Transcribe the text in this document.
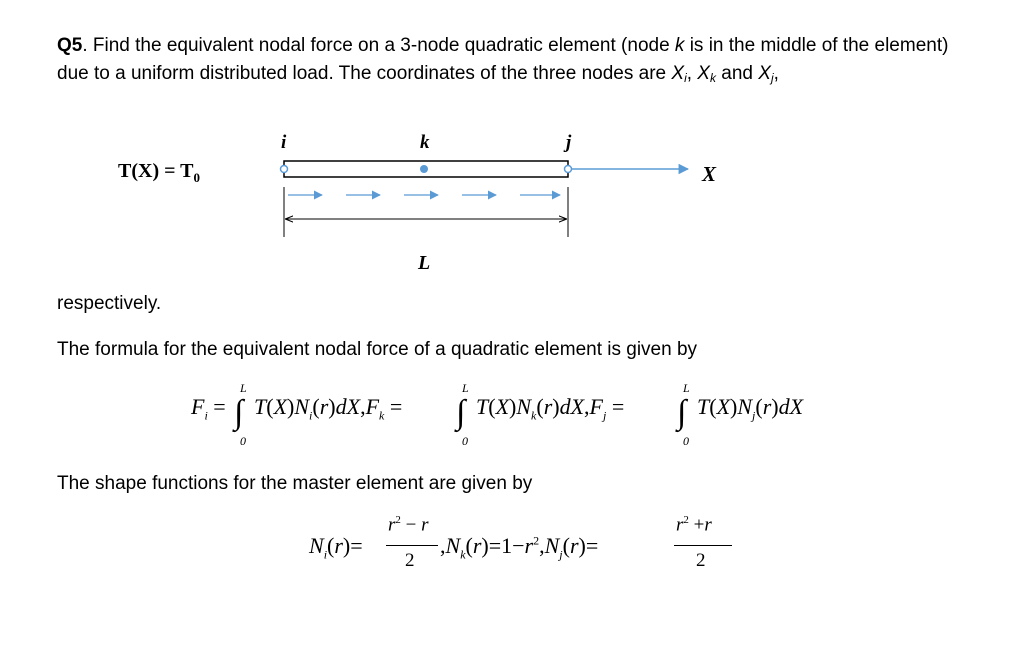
Q5. Find the equivalent nodal force on a 3-node quadratic element (node k is in the middle of the element) due to a uniform distributed load. The coordinates of the three nodes are $X_i$, $X_k$ and $X_j$,
$T(X) = T_0$
i	k	j
X
L
respectively.
The formula for the equivalent nodal force of a quadratic element is given by
$F_i$ =
L
∫
0
$T(X)N_i(r)dX,F_k$ =
L
∫
0
$T(X)N_k(r)dX,F_j$ =
L
∫
0
$T(X)N_j(r)dX$
The shape functions for the master element are given by
$N_i(r)=$
$r^2 - r$
2
$,N_k(r)=1-r^2,N_j(r)=$
$r^2 +r$
2
